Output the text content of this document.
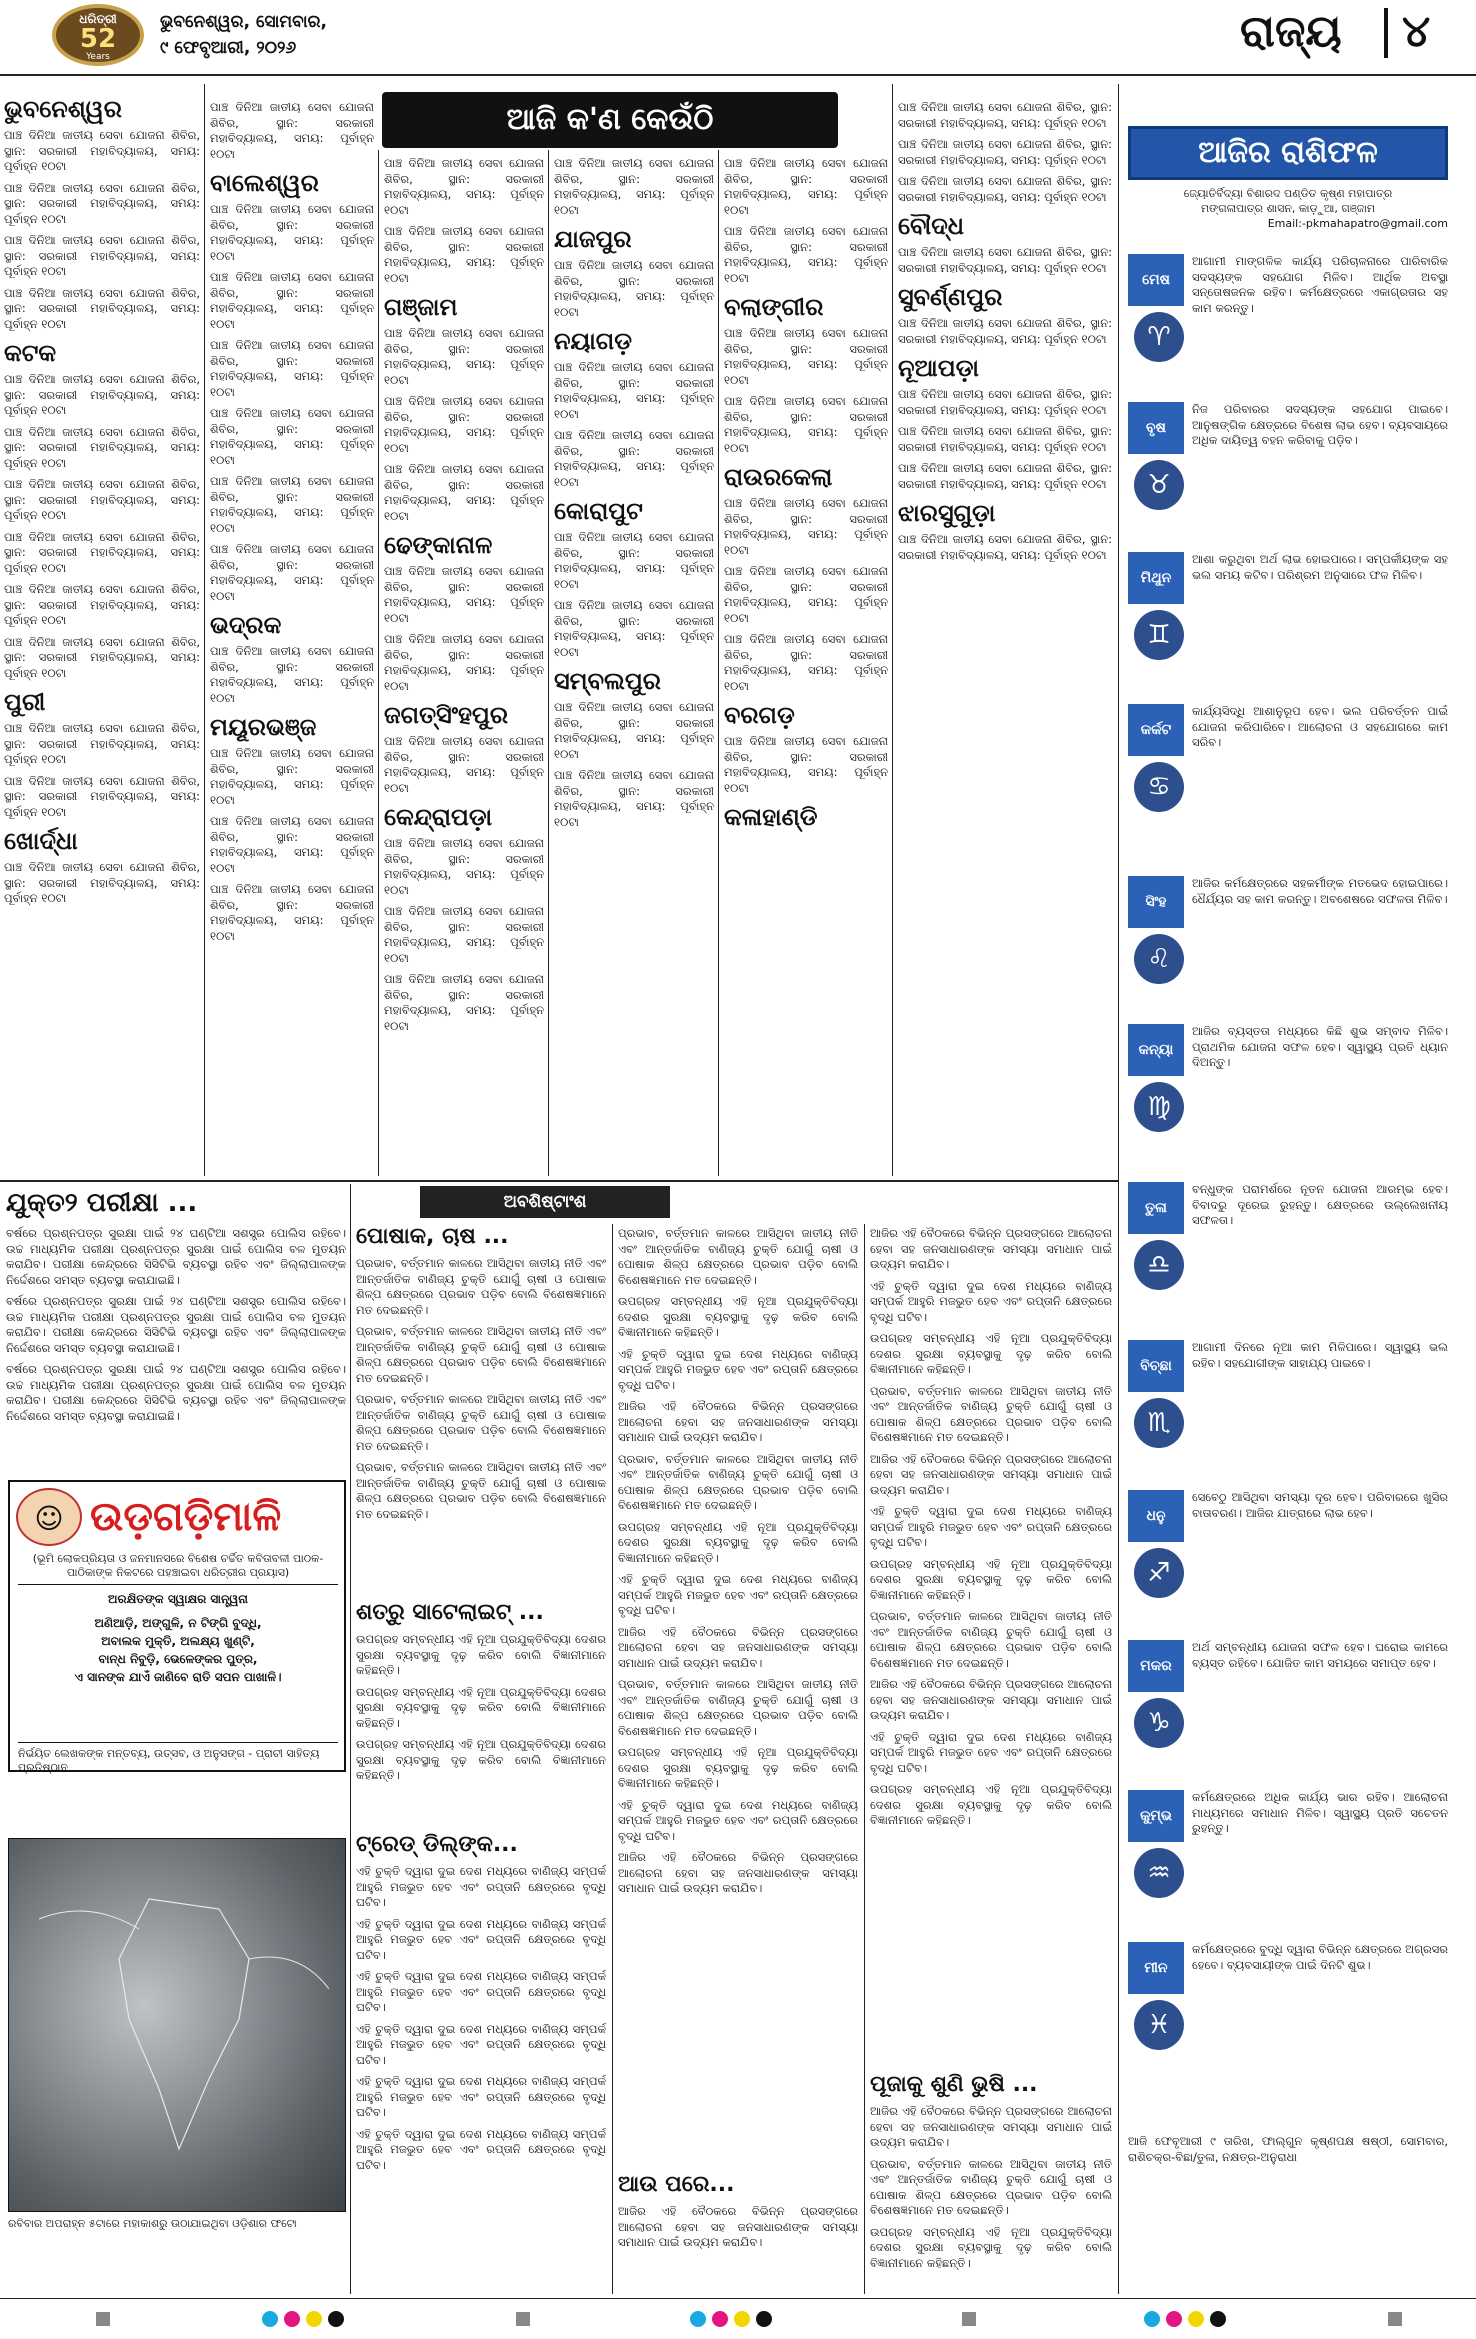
ଧରିତ୍ରୀ
52
Years
ଭୁବନେଶ୍ୱର, ସୋମବାର,
୯ ଫେବୃଆରୀ, ୨୦୨୬	ରାଜ୍ୟ ୪
ଆଜି କ'ଣ କେଉଁଠି
ଭୁବନେଶ୍ୱର

ପାଞ୍ଚ ଦିନିଆ ଜାତୀୟ ସେବା ଯୋଜନା ଶିବିର, ସ୍ଥାନ: ସରକାରୀ ମହାବିଦ୍ୟାଳୟ, ସମୟ: ପୂର୍ବାହ୍ନ ୧୦ଟା

ପାଞ୍ଚ ଦିନିଆ ଜାତୀୟ ସେବା ଯୋଜନା ଶିବିର, ସ୍ଥାନ: ସରକାରୀ ମହାବିଦ୍ୟାଳୟ, ସମୟ: ପୂର୍ବାହ୍ନ ୧୦ଟା

ପାଞ୍ଚ ଦିନିଆ ଜାତୀୟ ସେବା ଯୋଜନା ଶିବିର, ସ୍ଥାନ: ସରକାରୀ ମହାବିଦ୍ୟାଳୟ, ସମୟ: ପୂର୍ବାହ୍ନ ୧୦ଟା

ପାଞ୍ଚ ଦିନିଆ ଜାତୀୟ ସେବା ଯୋଜନା ଶିବିର, ସ୍ଥାନ: ସରକାରୀ ମହାବିଦ୍ୟାଳୟ, ସମୟ: ପୂର୍ବାହ୍ନ ୧୦ଟା

କଟକ

ପାଞ୍ଚ ଦିନିଆ ଜାତୀୟ ସେବା ଯୋଜନା ଶିବିର, ସ୍ଥାନ: ସରକାରୀ ମହାବିଦ୍ୟାଳୟ, ସମୟ: ପୂର୍ବାହ୍ନ ୧୦ଟା

ପାଞ୍ଚ ଦିନିଆ ଜାତୀୟ ସେବା ଯୋଜନା ଶିବିର, ସ୍ଥାନ: ସରକାରୀ ମହାବିଦ୍ୟାଳୟ, ସମୟ: ପୂର୍ବାହ୍ନ ୧୦ଟା

ପାଞ୍ଚ ଦିନିଆ ଜାତୀୟ ସେବା ଯୋଜନା ଶିବିର, ସ୍ଥାନ: ସରକାରୀ ମହାବିଦ୍ୟାଳୟ, ସମୟ: ପୂର୍ବାହ୍ନ ୧୦ଟା

ପାଞ୍ଚ ଦିନିଆ ଜାତୀୟ ସେବା ଯୋଜନା ଶିବିର, ସ୍ଥାନ: ସରକାରୀ ମହାବିଦ୍ୟାଳୟ, ସମୟ: ପୂର୍ବାହ୍ନ ୧୦ଟା

ପାଞ୍ଚ ଦିନିଆ ଜାତୀୟ ସେବା ଯୋଜନା ଶିବିର, ସ୍ଥାନ: ସରକାରୀ ମହାବିଦ୍ୟାଳୟ, ସମୟ: ପୂର୍ବାହ୍ନ ୧୦ଟା

ପାଞ୍ଚ ଦିନିଆ ଜାତୀୟ ସେବା ଯୋଜନା ଶିବିର, ସ୍ଥାନ: ସରକାରୀ ମହାବିଦ୍ୟାଳୟ, ସମୟ: ପୂର୍ବାହ୍ନ ୧୦ଟା

ପୁରୀ

ପାଞ୍ଚ ଦିନିଆ ଜାତୀୟ ସେବା ଯୋଜନା ଶିବିର, ସ୍ଥାନ: ସରକାରୀ ମହାବିଦ୍ୟାଳୟ, ସମୟ: ପୂର୍ବାହ୍ନ ୧୦ଟା

ପାଞ୍ଚ ଦିନିଆ ଜାତୀୟ ସେବା ଯୋଜନା ଶିବିର, ସ୍ଥାନ: ସରକାରୀ ମହାବିଦ୍ୟାଳୟ, ସମୟ: ପୂର୍ବାହ୍ନ ୧୦ଟା

ଖୋର୍ଦ୍ଧା

ପାଞ୍ଚ ଦିନିଆ ଜାତୀୟ ସେବା ଯୋଜନା ଶିବିର, ସ୍ଥାନ: ସରକାରୀ ମହାବିଦ୍ୟାଳୟ, ସମୟ: ପୂର୍ବାହ୍ନ ୧୦ଟା

ପାଞ୍ଚ ଦିନିଆ ଜାତୀୟ ସେବା ଯୋଜନା ଶିବିର, ସ୍ଥାନ: ସରକାରୀ ମହାବିଦ୍ୟାଳୟ, ସମୟ: ପୂର୍ବାହ୍ନ ୧୦ଟା

ବାଲେଶ୍ୱର

ପାଞ୍ଚ ଦିନିଆ ଜାତୀୟ ସେବା ଯୋଜନା ଶିବିର, ସ୍ଥାନ: ସରକାରୀ ମହାବିଦ୍ୟାଳୟ, ସମୟ: ପୂର୍ବାହ୍ନ ୧୦ଟା

ପାଞ୍ଚ ଦିନିଆ ଜାତୀୟ ସେବା ଯୋଜନା ଶିବିର, ସ୍ଥାନ: ସରକାରୀ ମହାବିଦ୍ୟାଳୟ, ସମୟ: ପୂର୍ବାହ୍ନ ୧୦ଟା

ପାଞ୍ଚ ଦିନିଆ ଜାତୀୟ ସେବା ଯୋଜନା ଶିବିର, ସ୍ଥାନ: ସରକାରୀ ମହାବିଦ୍ୟାଳୟ, ସମୟ: ପୂର୍ବାହ୍ନ ୧୦ଟା

ପାଞ୍ଚ ଦିନିଆ ଜାତୀୟ ସେବା ଯୋଜନା ଶିବିର, ସ୍ଥାନ: ସରକାରୀ ମହାବିଦ୍ୟାଳୟ, ସମୟ: ପୂର୍ବାହ୍ନ ୧୦ଟା

ପାଞ୍ଚ ଦିନିଆ ଜାତୀୟ ସେବା ଯୋଜନା ଶିବିର, ସ୍ଥାନ: ସରକାରୀ ମହାବିଦ୍ୟାଳୟ, ସମୟ: ପୂର୍ବାହ୍ନ ୧୦ଟା

ପାଞ୍ଚ ଦିନିଆ ଜାତୀୟ ସେବା ଯୋଜନା ଶିବିର, ସ୍ଥାନ: ସରକାରୀ ମହାବିଦ୍ୟାଳୟ, ସମୟ: ପୂର୍ବାହ୍ନ ୧୦ଟା

ଭଦ୍ରକ

ପାଞ୍ଚ ଦିନିଆ ଜାତୀୟ ସେବା ଯୋଜନା ଶିବିର, ସ୍ଥାନ: ସରକାରୀ ମହାବିଦ୍ୟାଳୟ, ସମୟ: ପୂର୍ବାହ୍ନ ୧୦ଟା

ମୟୂରଭଞ୍ଜ

ପାଞ୍ଚ ଦିନିଆ ଜାତୀୟ ସେବା ଯୋଜନା ଶିବିର, ସ୍ଥାନ: ସରକାରୀ ମହାବିଦ୍ୟାଳୟ, ସମୟ: ପୂର୍ବାହ୍ନ ୧୦ଟା

ପାଞ୍ଚ ଦିନିଆ ଜାତୀୟ ସେବା ଯୋଜନା ଶିବିର, ସ୍ଥାନ: ସରକାରୀ ମହାବିଦ୍ୟାଳୟ, ସମୟ: ପୂର୍ବାହ୍ନ ୧୦ଟା

ପାଞ୍ଚ ଦିନିଆ ଜାତୀୟ ସେବା ଯୋଜନା ଶିବିର, ସ୍ଥାନ: ସରକାରୀ ମହାବିଦ୍ୟାଳୟ, ସମୟ: ପୂର୍ବାହ୍ନ ୧୦ଟା

ପାଞ୍ଚ ଦିନିଆ ଜାତୀୟ ସେବା ଯୋଜନା ଶିବିର, ସ୍ଥାନ: ସରକାରୀ ମହାବିଦ୍ୟାଳୟ, ସମୟ: ପୂର୍ବାହ୍ନ ୧୦ଟା

ପାଞ୍ଚ ଦିନିଆ ଜାତୀୟ ସେବା ଯୋଜନା ଶିବିର, ସ୍ଥାନ: ସରକାରୀ ମହାବିଦ୍ୟାଳୟ, ସମୟ: ପୂର୍ବାହ୍ନ ୧୦ଟା

ଗଞ୍ଜାମ

ପାଞ୍ଚ ଦିନିଆ ଜାତୀୟ ସେବା ଯୋଜନା ଶିବିର, ସ୍ଥାନ: ସରକାରୀ ମହାବିଦ୍ୟାଳୟ, ସମୟ: ପୂର୍ବାହ୍ନ ୧୦ଟା

ପାଞ୍ଚ ଦିନିଆ ଜାତୀୟ ସେବା ଯୋଜନା ଶିବିର, ସ୍ଥାନ: ସରକାରୀ ମହାବିଦ୍ୟାଳୟ, ସମୟ: ପୂର୍ବାହ୍ନ ୧୦ଟା

ପାଞ୍ଚ ଦିନିଆ ଜାତୀୟ ସେବା ଯୋଜନା ଶିବିର, ସ୍ଥାନ: ସରକାରୀ ମହାବିଦ୍ୟାଳୟ, ସମୟ: ପୂର୍ବାହ୍ନ ୧୦ଟା

ଢେଙ୍କାନାଳ

ପାଞ୍ଚ ଦିନିଆ ଜାତୀୟ ସେବା ଯୋଜନା ଶିବିର, ସ୍ଥାନ: ସରକାରୀ ମହାବିଦ୍ୟାଳୟ, ସମୟ: ପୂର୍ବାହ୍ନ ୧୦ଟା

ପାଞ୍ଚ ଦିନିଆ ଜାତୀୟ ସେବା ଯୋଜନା ଶିବିର, ସ୍ଥାନ: ସରକାରୀ ମହାବିଦ୍ୟାଳୟ, ସମୟ: ପୂର୍ବାହ୍ନ ୧୦ଟା

ଜଗତ୍ସିଂହପୁର

ପାଞ୍ଚ ଦିନିଆ ଜାତୀୟ ସେବା ଯୋଜନା ଶିବିର, ସ୍ଥାନ: ସରକାରୀ ମହାବିଦ୍ୟାଳୟ, ସମୟ: ପୂର୍ବାହ୍ନ ୧୦ଟା

କେନ୍ଦ୍ରାପଡ଼ା

ପାଞ୍ଚ ଦିନିଆ ଜାତୀୟ ସେବା ଯୋଜନା ଶିବିର, ସ୍ଥାନ: ସରକାରୀ ମହାବିଦ୍ୟାଳୟ, ସମୟ: ପୂର୍ବାହ୍ନ ୧୦ଟା

ପାଞ୍ଚ ଦିନିଆ ଜାତୀୟ ସେବା ଯୋଜନା ଶିବିର, ସ୍ଥାନ: ସରକାରୀ ମହାବିଦ୍ୟାଳୟ, ସମୟ: ପୂର୍ବାହ୍ନ ୧୦ଟା

ପାଞ୍ଚ ଦିନିଆ ଜାତୀୟ ସେବା ଯୋଜନା ଶିବିର, ସ୍ଥାନ: ସରକାରୀ ମହାବିଦ୍ୟାଳୟ, ସମୟ: ପୂର୍ବାହ୍ନ ୧୦ଟା

ପାଞ୍ଚ ଦିନିଆ ଜାତୀୟ ସେବା ଯୋଜନା ଶିବିର, ସ୍ଥାନ: ସରକାରୀ ମହାବିଦ୍ୟାଳୟ, ସମୟ: ପୂର୍ବାହ୍ନ ୧୦ଟା

ଯାଜପୁର

ପାଞ୍ଚ ଦିନିଆ ଜାତୀୟ ସେବା ଯୋଜନା ଶିବିର, ସ୍ଥାନ: ସରକାରୀ ମହାବିଦ୍ୟାଳୟ, ସମୟ: ପୂର୍ବାହ୍ନ ୧୦ଟା

ନୟାଗଡ଼

ପାଞ୍ଚ ଦିନିଆ ଜାତୀୟ ସେବା ଯୋଜନା ଶିବିର, ସ୍ଥାନ: ସରକାରୀ ମହାବିଦ୍ୟାଳୟ, ସମୟ: ପୂର୍ବାହ୍ନ ୧୦ଟା

ପାଞ୍ଚ ଦିନିଆ ଜାତୀୟ ସେବା ଯୋଜନା ଶିବିର, ସ୍ଥାନ: ସରକାରୀ ମହାବିଦ୍ୟାଳୟ, ସମୟ: ପୂର୍ବାହ୍ନ ୧୦ଟା

କୋରାପୁଟ

ପାଞ୍ଚ ଦିନିଆ ଜାତୀୟ ସେବା ଯୋଜନା ଶିବିର, ସ୍ଥାନ: ସରକାରୀ ମହାବିଦ୍ୟାଳୟ, ସମୟ: ପୂର୍ବାହ୍ନ ୧୦ଟା

ପାଞ୍ଚ ଦିନିଆ ଜାତୀୟ ସେବା ଯୋଜନା ଶିବିର, ସ୍ଥାନ: ସରକାରୀ ମହାବିଦ୍ୟାଳୟ, ସମୟ: ପୂର୍ବାହ୍ନ ୧୦ଟା

ସମ୍ବଲପୁର

ପାଞ୍ଚ ଦିନିଆ ଜାତୀୟ ସେବା ଯୋଜନା ଶିବିର, ସ୍ଥାନ: ସରକାରୀ ମହାବିଦ୍ୟାଳୟ, ସମୟ: ପୂର୍ବାହ୍ନ ୧୦ଟା

ପାଞ୍ଚ ଦିନିଆ ଜାତୀୟ ସେବା ଯୋଜନା ଶିବିର, ସ୍ଥାନ: ସରକାରୀ ମହାବିଦ୍ୟାଳୟ, ସମୟ: ପୂର୍ବାହ୍ନ ୧୦ଟା

ପାଞ୍ଚ ଦିନିଆ ଜାତୀୟ ସେବା ଯୋଜନା ଶିବିର, ସ୍ଥାନ: ସରକାରୀ ମହାବିଦ୍ୟାଳୟ, ସମୟ: ପୂର୍ବାହ୍ନ ୧୦ଟା

ପାଞ୍ଚ ଦିନିଆ ଜାତୀୟ ସେବା ଯୋଜନା ଶିବିର, ସ୍ଥାନ: ସରକାରୀ ମହାବିଦ୍ୟାଳୟ, ସମୟ: ପୂର୍ବାହ୍ନ ୧୦ଟା

ବଲାଙ୍ଗୀର

ପାଞ୍ଚ ଦିନିଆ ଜାତୀୟ ସେବା ଯୋଜନା ଶିବିର, ସ୍ଥାନ: ସରକାରୀ ମହାବିଦ୍ୟାଳୟ, ସମୟ: ପୂର୍ବାହ୍ନ ୧୦ଟା

ପାଞ୍ଚ ଦିନିଆ ଜାତୀୟ ସେବା ଯୋଜନା ଶିବିର, ସ୍ଥାନ: ସରକାରୀ ମହାବିଦ୍ୟାଳୟ, ସମୟ: ପୂର୍ବାହ୍ନ ୧୦ଟା

ରାଉରକେଲା

ପାଞ୍ଚ ଦିନିଆ ଜାତୀୟ ସେବା ଯୋଜନା ଶିବିର, ସ୍ଥାନ: ସରକାରୀ ମହାବିଦ୍ୟାଳୟ, ସମୟ: ପୂର୍ବାହ୍ନ ୧୦ଟା

ପାଞ୍ଚ ଦିନିଆ ଜାତୀୟ ସେବା ଯୋଜନା ଶିବିର, ସ୍ଥାନ: ସରକାରୀ ମହାବିଦ୍ୟାଳୟ, ସମୟ: ପୂର୍ବାହ୍ନ ୧୦ଟା

ପାଞ୍ଚ ଦିନିଆ ଜାତୀୟ ସେବା ଯୋଜନା ଶିବିର, ସ୍ଥାନ: ସରକାରୀ ମହାବିଦ୍ୟାଳୟ, ସମୟ: ପୂର୍ବାହ୍ନ ୧୦ଟା

ବରଗଡ଼

ପାଞ୍ଚ ଦିନିଆ ଜାତୀୟ ସେବା ଯୋଜନା ଶିବିର, ସ୍ଥାନ: ସରକାରୀ ମହାବିଦ୍ୟାଳୟ, ସମୟ: ପୂର୍ବାହ୍ନ ୧୦ଟା

କଳାହାଣ୍ଡି

ପାଞ୍ଚ ଦିନିଆ ଜାତୀୟ ସେବା ଯୋଜନା ଶିବିର, ସ୍ଥାନ: ସରକାରୀ ମହାବିଦ୍ୟାଳୟ, ସମୟ: ପୂର୍ବାହ୍ନ ୧୦ଟା

ପାଞ୍ଚ ଦିନିଆ ଜାତୀୟ ସେବା ଯୋଜନା ଶିବିର, ସ୍ଥାନ: ସରକାରୀ ମହାବିଦ୍ୟାଳୟ, ସମୟ: ପୂର୍ବାହ୍ନ ୧୦ଟା

ପାଞ୍ଚ ଦିନିଆ ଜାତୀୟ ସେବା ଯୋଜନା ଶିବିର, ସ୍ଥାନ: ସରକାରୀ ମହାବିଦ୍ୟାଳୟ, ସମୟ: ପୂର୍ବାହ୍ନ ୧୦ଟା

ବୌଦ୍ଧ

ପାଞ୍ଚ ଦିନିଆ ଜାତୀୟ ସେବା ଯୋଜନା ଶିବିର, ସ୍ଥାନ: ସରକାରୀ ମହାବିଦ୍ୟାଳୟ, ସମୟ: ପୂର୍ବାହ୍ନ ୧୦ଟା

ସୁବର୍ଣ୍ଣପୁର

ପାଞ୍ଚ ଦିନିଆ ଜାତୀୟ ସେବା ଯୋଜନା ଶିବିର, ସ୍ଥାନ: ସରକାରୀ ମହାବିଦ୍ୟାଳୟ, ସମୟ: ପୂର୍ବାହ୍ନ ୧୦ଟା

ନୂଆପଡ଼ା

ପାଞ୍ଚ ଦିନିଆ ଜାତୀୟ ସେବା ଯୋଜନା ଶିବିର, ସ୍ଥାନ: ସରକାରୀ ମହାବିଦ୍ୟାଳୟ, ସମୟ: ପୂର୍ବାହ୍ନ ୧୦ଟା

ପାଞ୍ଚ ଦିନିଆ ଜାତୀୟ ସେବା ଯୋଜନା ଶିବିର, ସ୍ଥାନ: ସରକାରୀ ମହାବିଦ୍ୟାଳୟ, ସମୟ: ପୂର୍ବାହ୍ନ ୧୦ଟା

ପାଞ୍ଚ ଦିନିଆ ଜାତୀୟ ସେବା ଯୋଜନା ଶିବିର, ସ୍ଥାନ: ସରକାରୀ ମହାବିଦ୍ୟାଳୟ, ସମୟ: ପୂର୍ବାହ୍ନ ୧୦ଟା

ଝାରସୁଗୁଡ଼ା

ପାଞ୍ଚ ଦିନିଆ ଜାତୀୟ ସେବା ଯୋଜନା ଶିବିର, ସ୍ଥାନ: ସରକାରୀ ମହାବିଦ୍ୟାଳୟ, ସମୟ: ପୂର୍ବାହ୍ନ ୧୦ଟା

ଆଜିର ରାଶିଫଳ
ଜ୍ୟୋତିର୍ବିଦ୍ୟା ବିଶାରଦ ପଣ୍ଡିତ କୃଷ୍ଣ ମହାପାତ୍ର
ମଙ୍ଗଳାପାତ୍ର ଶାସନ, କାଡ଼ୁଆ, ଗଞ୍ଜାମ
Email:-pkmahapatro@gmail.com
ମେଷ
♈
ଆଗାମୀ ମାଙ୍ଗଳିକ କାର୍ଯ୍ୟ ପରିଚାଳନାରେ ପାରିବାରିକ ସଦସ୍ୟଙ୍କ ସହଯୋଗ ମିଳିବ। ଆର୍ଥିକ ଅବସ୍ଥା ସନ୍ତୋଷଜନକ ରହିବ। କର୍ମକ୍ଷେତ୍ରରେ ଏକାଗ୍ରତାର ସହ କାମ କରନ୍ତୁ।
ବୃଷ
♉
ନିଜ ପରିବାରର ସଦସ୍ୟଙ୍କ ସହଯୋଗ ପାଇବେ। ଆନୁଷଙ୍ଗିକ କ୍ଷେତ୍ରରେ ବିଶେଷ ଲାଭ ହେବ। ବ୍ୟବସାୟରେ ଅଧିକ ଦାୟିତ୍ୱ ବହନ କରିବାକୁ ପଡ଼ିବ।
ମିଥୁନ
♊
ଆଶା କରୁଥିବା ଅର୍ଥ ଲାଭ ହୋଇପାରେ। ସମ୍ପର୍କୀୟଙ୍କ ସହ ଭଲ ସମୟ କଟିବ। ପରିଶ୍ରମ ଅନୁସାରେ ଫଳ ମିଳିବ।
କର୍କଟ
♋
କାର୍ଯ୍ୟସିଦ୍ଧି ଆଶାନୁରୂପ ହେବ। ଭଲ ପରିବର୍ତ୍ତନ ପାଇଁ ଯୋଜନା କରିପାରିବେ। ଆଲୋଚନା ଓ ସହଯୋଗରେ କାମ ସରିବ।
ସିଂହ
♌
ଆଜିର କର୍ମକ୍ଷେତ୍ରରେ ସହକର୍ମୀଙ୍କ ମତଭେଦ ହୋଇପାରେ। ଧୈର୍ଯ୍ୟର ସହ କାମ କରନ୍ତୁ। ଅବଶେଷରେ ସଫଳତା ମିଳିବ।
କନ୍ୟା
♍
ଆଜିର ବ୍ୟସ୍ତତା ମଧ୍ୟରେ କିଛି ଶୁଭ ସମ୍ବାଦ ମିଳିବ। ପ୍ରାଥମିକ ଯୋଜନା ସଫଳ ହେବ। ସ୍ୱାସ୍ଥ୍ୟ ପ୍ରତି ଧ୍ୟାନ ଦିଅନ୍ତୁ।
ତୁଳା
♎
ବନ୍ଧୁଙ୍କ ପରାମର୍ଶରେ ନୂତନ ଯୋଜନା ଆରମ୍ଭ ହେବ। ବିବାଦରୁ ଦୂରେଇ ରୁହନ୍ତୁ। କ୍ଷେତ୍ରରେ ଉଲ୍ଲେଖନୀୟ ସଫଳତା।
ବିଚ୍ଛା
♏
ଆଗାମୀ ଦିନରେ ନୂଆ କାମ ମିଳିପାରେ। ସ୍ୱାସ୍ଥ୍ୟ ଭଲ ରହିବ। ସହଯୋଗୀଙ୍କ ସାହାଯ୍ୟ ପାଇବେ।
ଧନୁ
♐
ସେବେଠୁ ଆସିଥିବା ସମସ୍ୟା ଦୂର ହେବ। ପରିବାରରେ ଖୁସିର ବାତାବରଣ। ଆଜିର ଯାତ୍ରାରେ ଲାଭ ହେବ।
ମକର
♑
ଅର୍ଥ ସମ୍ବନ୍ଧୀୟ ଯୋଜନା ସଫଳ ହେବ। ଘରୋଇ କାମରେ ବ୍ୟସ୍ତ ରହିବେ। ଯୋଜିତ କାମ ସମୟରେ ସମାପ୍ତ ହେବ।
କୁମ୍ଭ
♒
କର୍ମକ୍ଷେତ୍ରରେ ଅଧିକ କାର୍ଯ୍ୟ ଭାର ରହିବ। ଆଲୋଚନା ମାଧ୍ୟମରେ ସମାଧାନ ମିଳିବ। ସ୍ୱାସ୍ଥ୍ୟ ପ୍ରତି ସଚେତନ ରୁହନ୍ତୁ।
ମୀନ
♓
କର୍ମକ୍ଷେତ୍ରରେ ବୁଦ୍ଧି ଦ୍ୱାରା ବିଭିନ୍ନ କ୍ଷେତ୍ରରେ ଅଗ୍ରସର ହେବେ। ବ୍ୟବସାୟୀଙ୍କ ପାଇଁ ଦିନଟି ଶୁଭ।
ଆଜି ଫେବୃଆରୀ ୯ ତାରିଖ, ଫାଲ୍ଗୁନ କୃଷ୍ଣପକ୍ଷ ଷଷ୍ଠୀ, ସୋମବାର, ରାଶିଚକ୍ର-ବିଛା/ତୁଳା, ନକ୍ଷତ୍ର-ଅନୁରାଧା
ଯୁକ୍ତ୨ ପରୀକ୍ଷା ...

ବର୍ଷରେ ପ୍ରଶ୍ନପତ୍ର ସୁରକ୍ଷା ପାଇଁ ୨୪ ଘଣ୍ଟିଆ ସଶସ୍ତ୍ର ପୋଲିସ ରହିବେ। ଉଚ୍ଚ ମାଧ୍ୟମିକ ପରୀକ୍ଷା ପ୍ରଶ୍ନପତ୍ର ସୁରକ୍ଷା ପାଇଁ ପୋଲିସ ବଳ ମୁତୟନ କରାଯିବ। ପରୀକ୍ଷା କେନ୍ଦ୍ରରେ ସିସିଟିଭି ବ୍ୟବସ୍ଥା ରହିବ ଏବଂ ଜିଲ୍ଲାପାଳଙ୍କ ନିର୍ଦ୍ଦେଶରେ ସମସ୍ତ ବ୍ୟବସ୍ଥା କରାଯାଇଛି।

ବର୍ଷରେ ପ୍ରଶ୍ନପତ୍ର ସୁରକ୍ଷା ପାଇଁ ୨୪ ଘଣ୍ଟିଆ ସଶସ୍ତ୍ର ପୋଲିସ ରହିବେ। ଉଚ୍ଚ ମାଧ୍ୟମିକ ପରୀକ୍ଷା ପ୍ରଶ୍ନପତ୍ର ସୁରକ୍ଷା ପାଇଁ ପୋଲିସ ବଳ ମୁତୟନ କରାଯିବ। ପରୀକ୍ଷା କେନ୍ଦ୍ରରେ ସିସିଟିଭି ବ୍ୟବସ୍ଥା ରହିବ ଏବଂ ଜିଲ୍ଲାପାଳଙ୍କ ନିର୍ଦ୍ଦେଶରେ ସମସ୍ତ ବ୍ୟବସ୍ଥା କରାଯାଇଛି।

ବର୍ଷରେ ପ୍ରଶ୍ନପତ୍ର ସୁରକ୍ଷା ପାଇଁ ୨୪ ଘଣ୍ଟିଆ ସଶସ୍ତ୍ର ପୋଲିସ ରହିବେ। ଉଚ୍ଚ ମାଧ୍ୟମିକ ପରୀକ୍ଷା ପ୍ରଶ୍ନପତ୍ର ସୁରକ୍ଷା ପାଇଁ ପୋଲିସ ବଳ ମୁତୟନ କରାଯିବ। ପରୀକ୍ଷା କେନ୍ଦ୍ରରେ ସିସିଟିଭି ବ୍ୟବସ୍ଥା ରହିବ ଏବଂ ଜିଲ୍ଲାପାଳଙ୍କ ନିର୍ଦ୍ଦେଶରେ ସମସ୍ତ ବ୍ୟବସ୍ଥା କରାଯାଇଛି।

☺ ଉଡ଼ଗଡ଼ିମାଳି
(ଭୂମି ଲୋକପ୍ରିୟତା ଓ ଜନମାନସରେ ବିଶେଷ ଚର୍ଚ୍ଚିତ କବିତାବଳୀ ପାଠକ-ପାଠିକାଙ୍କ ନିକଟରେ ପହଞ୍ଚାଇବା ଧରିତ୍ରୀର ପ୍ରୟାସ)
ଅରକ୍ଷିତଙ୍କ ସ୍ୱାକ୍ଷର ସାନ୍ତ୍ୱନା
ଅଣିଆଡ଼ି, ଅଙ୍ଗୁଳି, ନ ଟିଙ୍ଗି ବୁଦ୍ଧି,
ଅବାଲକ ମୁକ୍ତି, ଅଲକ୍ଷ୍ୟ ଖୁଣ୍ଟି,
ବାନ୍ଧ ନିବୁଡ଼ି, ଭେଳେଙ୍କର ପୁତ୍ର,
ଏ ସାନଙ୍କ ଯାଏଁ ଜାଣିବେ ରାତି ସପନ ପାଖାଳି।
ନିର୍ଭୟିତ ଲେଖକଙ୍କ ମନ୍ତବ୍ୟ, ଉତ୍ସବ, ଓ ଅନୁସଙ୍ଗ - ପ୍ରାଚୀ ସାହିତ୍ୟ ପ୍ରତିଷ୍ଠାନ
ରବିବାର ଅପରାହ୍ନ ୫ଟାରେ ମହାକାଶରୁ ଉଠାଯାଇଥିବା ଓଡ଼ିଶାର ଫଟୋ
ଅବଶିଷ୍ଟାଂଶ
ପୋଷାକ, ଚାଷ ...

ପ୍ରଭାବ, ବର୍ତ୍ତମାନ କାଳରେ ଆସିଥିବା ଜାତୀୟ ନୀତି ଏବଂ ଆନ୍ତର୍ଜାତିକ ବାଣିଜ୍ୟ ଚୁକ୍ତି ଯୋଗୁଁ ଚାଷୀ ଓ ପୋଷାକ ଶିଳ୍ପ କ୍ଷେତ୍ରରେ ପ୍ରଭାବ ପଡ଼ିବ ବୋଲି ବିଶେଷଜ୍ଞମାନେ ମତ ଦେଇଛନ୍ତି।

ପ୍ରଭାବ, ବର୍ତ୍ତମାନ କାଳରେ ଆସିଥିବା ଜାତୀୟ ନୀତି ଏବଂ ଆନ୍ତର୍ଜାତିକ ବାଣିଜ୍ୟ ଚୁକ୍ତି ଯୋଗୁଁ ଚାଷୀ ଓ ପୋଷାକ ଶିଳ୍ପ କ୍ଷେତ୍ରରେ ପ୍ରଭାବ ପଡ଼ିବ ବୋଲି ବିଶେଷଜ୍ଞମାନେ ମତ ଦେଇଛନ୍ତି।

ପ୍ରଭାବ, ବର୍ତ୍ତମାନ କାଳରେ ଆସିଥିବା ଜାତୀୟ ନୀତି ଏବଂ ଆନ୍ତର୍ଜାତିକ ବାଣିଜ୍ୟ ଚୁକ୍ତି ଯୋଗୁଁ ଚାଷୀ ଓ ପୋଷାକ ଶିଳ୍ପ କ୍ଷେତ୍ରରେ ପ୍ରଭାବ ପଡ଼ିବ ବୋଲି ବିଶେଷଜ୍ଞମାନେ ମତ ଦେଇଛନ୍ତି।

ପ୍ରଭାବ, ବର୍ତ୍ତମାନ କାଳରେ ଆସିଥିବା ଜାତୀୟ ନୀତି ଏବଂ ଆନ୍ତର୍ଜାତିକ ବାଣିଜ୍ୟ ଚୁକ୍ତି ଯୋଗୁଁ ଚାଷୀ ଓ ପୋଷାକ ଶିଳ୍ପ କ୍ଷେତ୍ରରେ ପ୍ରଭାବ ପଡ଼ିବ ବୋଲି ବିଶେଷଜ୍ଞମାନେ ମତ ଦେଇଛନ୍ତି।

ଶତ୍ରୁ ସାଟେଲାଇଟ୍ ...

ଉପଗ୍ରହ ସମ୍ବନ୍ଧୀୟ ଏହି ନୂଆ ପ୍ରଯୁକ୍ତିବିଦ୍ୟା ଦେଶର ସୁରକ୍ଷା ବ୍ୟବସ୍ଥାକୁ ଦୃଢ଼ କରିବ ବୋଲି ବିଜ୍ଞାନୀମାନେ କହିଛନ୍ତି।

ଉପଗ୍ରହ ସମ୍ବନ୍ଧୀୟ ଏହି ନୂଆ ପ୍ରଯୁକ୍ତିବିଦ୍ୟା ଦେଶର ସୁରକ୍ଷା ବ୍ୟବସ୍ଥାକୁ ଦୃଢ଼ କରିବ ବୋଲି ବିଜ୍ଞାନୀମାନେ କହିଛନ୍ତି।

ଉପଗ୍ରହ ସମ୍ବନ୍ଧୀୟ ଏହି ନୂଆ ପ୍ରଯୁକ୍ତିବିଦ୍ୟା ଦେଶର ସୁରକ୍ଷା ବ୍ୟବସ୍ଥାକୁ ଦୃଢ଼ କରିବ ବୋଲି ବିଜ୍ଞାନୀମାନେ କହିଛନ୍ତି।

ଟ୍ରେଡ୍ ଡିଲ୍ଙ୍କ...

ଏହି ଚୁକ୍ତି ଦ୍ୱାରା ଦୁଇ ଦେଶ ମଧ୍ୟରେ ବାଣିଜ୍ୟ ସମ୍ପର୍କ ଆହୁରି ମଜଭୁତ ହେବ ଏବଂ ରପ୍ତାନି କ୍ଷେତ୍ରରେ ବୃଦ୍ଧି ଘଟିବ।

ଏହି ଚୁକ୍ତି ଦ୍ୱାରା ଦୁଇ ଦେଶ ମଧ୍ୟରେ ବାଣିଜ୍ୟ ସମ୍ପର୍କ ଆହୁରି ମଜଭୁତ ହେବ ଏବଂ ରପ୍ତାନି କ୍ଷେତ୍ରରେ ବୃଦ୍ଧି ଘଟିବ।

ଏହି ଚୁକ୍ତି ଦ୍ୱାରା ଦୁଇ ଦେଶ ମଧ୍ୟରେ ବାଣିଜ୍ୟ ସମ୍ପର୍କ ଆହୁରି ମଜଭୁତ ହେବ ଏବଂ ରପ୍ତାନି କ୍ଷେତ୍ରରେ ବୃଦ୍ଧି ଘଟିବ।

ଏହି ଚୁକ୍ତି ଦ୍ୱାରା ଦୁଇ ଦେଶ ମଧ୍ୟରେ ବାଣିଜ୍ୟ ସମ୍ପର୍କ ଆହୁରି ମଜଭୁତ ହେବ ଏବଂ ରପ୍ତାନି କ୍ଷେତ୍ରରେ ବୃଦ୍ଧି ଘଟିବ।

ଏହି ଚୁକ୍ତି ଦ୍ୱାରା ଦୁଇ ଦେଶ ମଧ୍ୟରେ ବାଣିଜ୍ୟ ସମ୍ପର୍କ ଆହୁରି ମଜଭୁତ ହେବ ଏବଂ ରପ୍ତାନି କ୍ଷେତ୍ରରେ ବୃଦ୍ଧି ଘଟିବ।

ଏହି ଚୁକ୍ତି ଦ୍ୱାରା ଦୁଇ ଦେଶ ମଧ୍ୟରେ ବାଣିଜ୍ୟ ସମ୍ପର୍କ ଆହୁରି ମଜଭୁତ ହେବ ଏବଂ ରପ୍ତାନି କ୍ଷେତ୍ରରେ ବୃଦ୍ଧି ଘଟିବ।

ପ୍ରଭାବ, ବର୍ତ୍ତମାନ କାଳରେ ଆସିଥିବା ଜାତୀୟ ନୀତି ଏବଂ ଆନ୍ତର୍ଜାତିକ ବାଣିଜ୍ୟ ଚୁକ୍ତି ଯୋଗୁଁ ଚାଷୀ ଓ ପୋଷାକ ଶିଳ୍ପ କ୍ଷେତ୍ରରେ ପ୍ରଭାବ ପଡ଼ିବ ବୋଲି ବିଶେଷଜ୍ଞମାନେ ମତ ଦେଇଛନ୍ତି।

ଉପଗ୍ରହ ସମ୍ବନ୍ଧୀୟ ଏହି ନୂଆ ପ୍ରଯୁକ୍ତିବିଦ୍ୟା ଦେଶର ସୁରକ୍ଷା ବ୍ୟବସ୍ଥାକୁ ଦୃଢ଼ କରିବ ବୋଲି ବିଜ୍ଞାନୀମାନେ କହିଛନ୍ତି।

ଏହି ଚୁକ୍ତି ଦ୍ୱାରା ଦୁଇ ଦେଶ ମଧ୍ୟରେ ବାଣିଜ୍ୟ ସମ୍ପର୍କ ଆହୁରି ମଜଭୁତ ହେବ ଏବଂ ରପ୍ତାନି କ୍ଷେତ୍ରରେ ବୃଦ୍ଧି ଘଟିବ।

ଆଜିର ଏହି ବୈଠକରେ ବିଭିନ୍ନ ପ୍ରସଙ୍ଗରେ ଆଲୋଚନା ହେବା ସହ ଜନସାଧାରଣଙ୍କ ସମସ୍ୟା ସମାଧାନ ପାଇଁ ଉଦ୍ୟମ କରାଯିବ।

ପ୍ରଭାବ, ବର୍ତ୍ତମାନ କାଳରେ ଆସିଥିବା ଜାତୀୟ ନୀତି ଏବଂ ଆନ୍ତର୍ଜାତିକ ବାଣିଜ୍ୟ ଚୁକ୍ତି ଯୋଗୁଁ ଚାଷୀ ଓ ପୋଷାକ ଶିଳ୍ପ କ୍ଷେତ୍ରରେ ପ୍ରଭାବ ପଡ଼ିବ ବୋଲି ବିଶେଷଜ୍ଞମାନେ ମତ ଦେଇଛନ୍ତି।

ଉପଗ୍ରହ ସମ୍ବନ୍ଧୀୟ ଏହି ନୂଆ ପ୍ରଯୁକ୍ତିବିଦ୍ୟା ଦେଶର ସୁରକ୍ଷା ବ୍ୟବସ୍ଥାକୁ ଦୃଢ଼ କରିବ ବୋଲି ବିଜ୍ଞାନୀମାନେ କହିଛନ୍ତି।

ଏହି ଚୁକ୍ତି ଦ୍ୱାରା ଦୁଇ ଦେଶ ମଧ୍ୟରେ ବାଣିଜ୍ୟ ସମ୍ପର୍କ ଆହୁରି ମଜଭୁତ ହେବ ଏବଂ ରପ୍ତାନି କ୍ଷେତ୍ରରେ ବୃଦ୍ଧି ଘଟିବ।

ଆଜିର ଏହି ବୈଠକରେ ବିଭିନ୍ନ ପ୍ରସଙ୍ଗରେ ଆଲୋଚନା ହେବା ସହ ଜନସାଧାରଣଙ୍କ ସମସ୍ୟା ସମାଧାନ ପାଇଁ ଉଦ୍ୟମ କରାଯିବ।

ପ୍ରଭାବ, ବର୍ତ୍ତମାନ କାଳରେ ଆସିଥିବା ଜାତୀୟ ନୀତି ଏବଂ ଆନ୍ତର୍ଜାତିକ ବାଣିଜ୍ୟ ଚୁକ୍ତି ଯୋଗୁଁ ଚାଷୀ ଓ ପୋଷାକ ଶିଳ୍ପ କ୍ଷେତ୍ରରେ ପ୍ରଭାବ ପଡ଼ିବ ବୋଲି ବିଶେଷଜ୍ଞମାନେ ମତ ଦେଇଛନ୍ତି।

ଉପଗ୍ରହ ସମ୍ବନ୍ଧୀୟ ଏହି ନୂଆ ପ୍ରଯୁକ୍ତିବିଦ୍ୟା ଦେଶର ସୁରକ୍ଷା ବ୍ୟବସ୍ଥାକୁ ଦୃଢ଼ କରିବ ବୋଲି ବିଜ୍ଞାନୀମାନେ କହିଛନ୍ତି।

ଏହି ଚୁକ୍ତି ଦ୍ୱାରା ଦୁଇ ଦେଶ ମଧ୍ୟରେ ବାଣିଜ୍ୟ ସମ୍ପର୍କ ଆହୁରି ମଜଭୁତ ହେବ ଏବଂ ରପ୍ତାନି କ୍ଷେତ୍ରରେ ବୃଦ୍ଧି ଘଟିବ।

ଆଜିର ଏହି ବୈଠକରେ ବିଭିନ୍ନ ପ୍ରସଙ୍ଗରେ ଆଲୋଚନା ହେବା ସହ ଜନସାଧାରଣଙ୍କ ସମସ୍ୟା ସମାଧାନ ପାଇଁ ଉଦ୍ୟମ କରାଯିବ।

ଆଉ ପରେ...

ଆଜିର ଏହି ବୈଠକରେ ବିଭିନ୍ନ ପ୍ରସଙ୍ଗରେ ଆଲୋଚନା ହେବା ସହ ଜନସାଧାରଣଙ୍କ ସମସ୍ୟା ସମାଧାନ ପାଇଁ ଉଦ୍ୟମ କରାଯିବ।

ଆଜିର ଏହି ବୈଠକରେ ବିଭିନ୍ନ ପ୍ରସଙ୍ଗରେ ଆଲୋଚନା ହେବା ସହ ଜନସାଧାରଣଙ୍କ ସମସ୍ୟା ସମାଧାନ ପାଇଁ ଉଦ୍ୟମ କରାଯିବ।

ଏହି ଚୁକ୍ତି ଦ୍ୱାରା ଦୁଇ ଦେଶ ମଧ୍ୟରେ ବାଣିଜ୍ୟ ସମ୍ପର୍କ ଆହୁରି ମଜଭୁତ ହେବ ଏବଂ ରପ୍ତାନି କ୍ଷେତ୍ରରେ ବୃଦ୍ଧି ଘଟିବ।

ଉପଗ୍ରହ ସମ୍ବନ୍ଧୀୟ ଏହି ନୂଆ ପ୍ରଯୁକ୍ତିବିଦ୍ୟା ଦେଶର ସୁରକ୍ଷା ବ୍ୟବସ୍ଥାକୁ ଦୃଢ଼ କରିବ ବୋଲି ବିଜ୍ଞାନୀମାନେ କହିଛନ୍ତି।

ପ୍ରଭାବ, ବର୍ତ୍ତମାନ କାଳରେ ଆସିଥିବା ଜାତୀୟ ନୀତି ଏବଂ ଆନ୍ତର୍ଜାତିକ ବାଣିଜ୍ୟ ଚୁକ୍ତି ଯୋଗୁଁ ଚାଷୀ ଓ ପୋଷାକ ଶିଳ୍ପ କ୍ଷେତ୍ରରେ ପ୍ରଭାବ ପଡ଼ିବ ବୋଲି ବିଶେଷଜ୍ଞମାନେ ମତ ଦେଇଛନ୍ତି।

ଆଜିର ଏହି ବୈଠକରେ ବିଭିନ୍ନ ପ୍ରସଙ୍ଗରେ ଆଲୋଚନା ହେବା ସହ ଜନସାଧାରଣଙ୍କ ସମସ୍ୟା ସମାଧାନ ପାଇଁ ଉଦ୍ୟମ କରାଯିବ।

ଏହି ଚୁକ୍ତି ଦ୍ୱାରା ଦୁଇ ଦେଶ ମଧ୍ୟରେ ବାଣିଜ୍ୟ ସମ୍ପର୍କ ଆହୁରି ମଜଭୁତ ହେବ ଏବଂ ରପ୍ତାନି କ୍ଷେତ୍ରରେ ବୃଦ୍ଧି ଘଟିବ।

ଉପଗ୍ରହ ସମ୍ବନ୍ଧୀୟ ଏହି ନୂଆ ପ୍ରଯୁକ୍ତିବିଦ୍ୟା ଦେଶର ସୁରକ୍ଷା ବ୍ୟବସ୍ଥାକୁ ଦୃଢ଼ କରିବ ବୋଲି ବିଜ୍ଞାନୀମାନେ କହିଛନ୍ତି।

ପ୍ରଭାବ, ବର୍ତ୍ତମାନ କାଳରେ ଆସିଥିବା ଜାତୀୟ ନୀତି ଏବଂ ଆନ୍ତର୍ଜାତିକ ବାଣିଜ୍ୟ ଚୁକ୍ତି ଯୋଗୁଁ ଚାଷୀ ଓ ପୋଷାକ ଶିଳ୍ପ କ୍ଷେତ୍ରରେ ପ୍ରଭାବ ପଡ଼ିବ ବୋଲି ବିଶେଷଜ୍ଞମାନେ ମତ ଦେଇଛନ୍ତି।

ଆଜିର ଏହି ବୈଠକରେ ବିଭିନ୍ନ ପ୍ରସଙ୍ଗରେ ଆଲୋଚନା ହେବା ସହ ଜନସାଧାରଣଙ୍କ ସମସ୍ୟା ସମାଧାନ ପାଇଁ ଉଦ୍ୟମ କରାଯିବ।

ଏହି ଚୁକ୍ତି ଦ୍ୱାରା ଦୁଇ ଦେଶ ମଧ୍ୟରେ ବାଣିଜ୍ୟ ସମ୍ପର୍କ ଆହୁରି ମଜଭୁତ ହେବ ଏବଂ ରପ୍ତାନି କ୍ଷେତ୍ରରେ ବୃଦ୍ଧି ଘଟିବ।

ଉପଗ୍ରହ ସମ୍ବନ୍ଧୀୟ ଏହି ନୂଆ ପ୍ରଯୁକ୍ତିବିଦ୍ୟା ଦେଶର ସୁରକ୍ଷା ବ୍ୟବସ୍ଥାକୁ ଦୃଢ଼ କରିବ ବୋଲି ବିଜ୍ଞାନୀମାନେ କହିଛନ୍ତି।

ପୂଜାକୁ ଶୁଣି ଭୁଷି ...

ଆଜିର ଏହି ବୈଠକରେ ବିଭିନ୍ନ ପ୍ରସଙ୍ଗରେ ଆଲୋଚନା ହେବା ସହ ଜନସାଧାରଣଙ୍କ ସମସ୍ୟା ସମାଧାନ ପାଇଁ ଉଦ୍ୟମ କରାଯିବ।

ପ୍ରଭାବ, ବର୍ତ୍ତମାନ କାଳରେ ଆସିଥିବା ଜାତୀୟ ନୀତି ଏବଂ ଆନ୍ତର୍ଜାତିକ ବାଣିଜ୍ୟ ଚୁକ୍ତି ଯୋଗୁଁ ଚାଷୀ ଓ ପୋଷାକ ଶିଳ୍ପ କ୍ଷେତ୍ରରେ ପ୍ରଭାବ ପଡ଼ିବ ବୋଲି ବିଶେଷଜ୍ଞମାନେ ମତ ଦେଇଛନ୍ତି।

ଉପଗ୍ରହ ସମ୍ବନ୍ଧୀୟ ଏହି ନୂଆ ପ୍ରଯୁକ୍ତିବିଦ୍ୟା ଦେଶର ସୁରକ୍ଷା ବ୍ୟବସ୍ଥାକୁ ଦୃଢ଼ କରିବ ବୋଲି ବିଜ୍ଞାନୀମାନେ କହିଛନ୍ତି।
